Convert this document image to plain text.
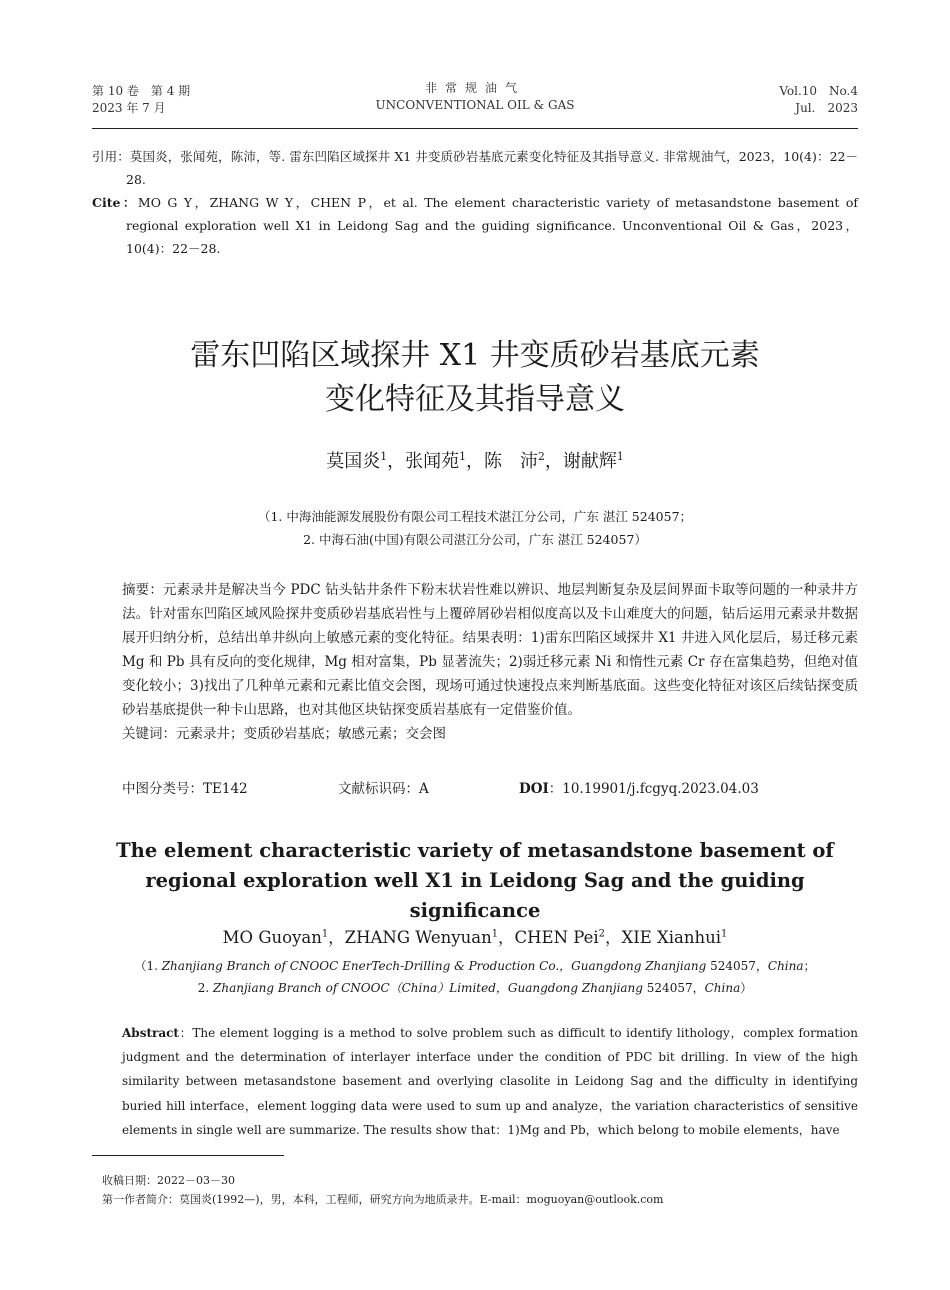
第 10 卷　第 4 期
2023 年 7 月
非常规油气
UNCONVENTIONAL OIL & GAS
Vol.10　No.4
Jul.　2023
引用：莫国炎，张闻苑，陈沛，等. 雷东凹陷区域探井 X1 井变质砂岩基底元素变化特征及其指导意义. 非常规油气，2023，10(4)：22－28.
Cite：MO G Y，ZHANG W Y，CHEN P，et al. The element characteristic variety of metasandstone basement of regional exploration well X1 in Leidong Sag and the guiding significance. Unconventional Oil & Gas，2023，10(4)：22－28.
雷东凹陷区域探井 X1 井变质砂岩基底元素
变化特征及其指导意义
莫国炎$^1$，张闻苑$^1$，陈　沛$^2$，谢献辉$^1$
（1. 中海油能源发展股份有限公司工程技术湛江分公司，广东 湛江 524057；
2. 中海石油(中国)有限公司湛江分公司，广东 湛江 524057）
摘要：元素录井是解决当今 PDC 钻头钻井条件下粉末状岩性难以辨识、地层判断复杂及层间界面卡取等问题的一种录井方法。针对雷东凹陷区域风险探井变质砂岩基底岩性与上覆碎屑砂岩相似度高以及卡山难度大的问题，钻后运用元素录井数据展开归纳分析，总结出单井纵向上敏感元素的变化特征。结果表明：1)雷东凹陷区域探井 X1 井进入风化层后，易迁移元素 Mg 和 Pb 具有反向的变化规律，Mg 相对富集，Pb 显著流失；2)弱迁移元素 Ni 和惰性元素 Cr 存在富集趋势，但绝对值变化较小；3)找出了几种单元素和元素比值交会图，现场可通过快速投点来判断基底面。这些变化特征对该区后续钻探变质砂岩基底提供一种卡山思路，也对其他区块钻探变质岩基底有一定借鉴价值。
关键词：元素录井；变质砂岩基底；敏感元素；交会图
中图分类号：TE142	文献标识码：A	DOI：10.19901/j.fcgyq.2023.04.03
The element characteristic variety of metasandstone basement of regional exploration well X1 in Leidong Sag and the guiding significance
MO Guoyan$^1$，ZHANG Wenyuan$^1$，CHEN Pei$^2$，XIE Xianhui$^1$
（1. Zhanjiang Branch of CNOOC EnerTech-Drilling & Production Co.，Guangdong Zhanjiang 524057，China；
2. Zhanjiang Branch of CNOOC（China）Limited，Guangdong Zhanjiang 524057，China）
Abstract：The element logging is a method to solve problem such as difficult to identify lithology，complex formation judgment and the determination of interlayer interface under the condition of PDC bit drilling. In view of the high similarity between metasandstone basement and overlying clasolite in Leidong Sag and the difficulty in identifying buried hill interface，element logging data were used to sum up and analyze，the variation characteristics of sensitive elements in single well are summarize. The results show that：1)Mg and Pb，which belong to mobile elements，have
收稿日期：2022－03－30
第一作者简介：莫国炎(1992—)，男，本科，工程师，研究方向为地质录井。E-mail：moguoyan@outlook.com
